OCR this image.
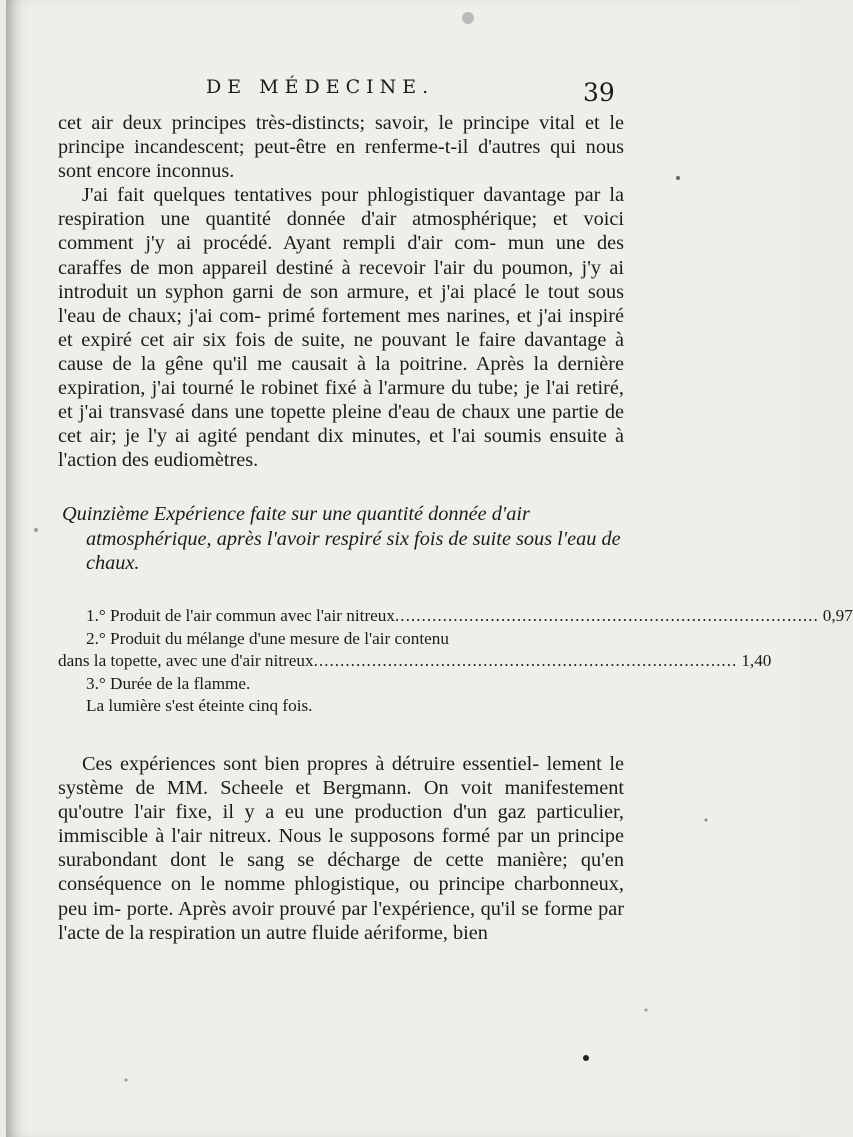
DE MÉDECINE.	39

cet air deux principes très-distincts; savoir, le principe vital et le principe incandescent; peut-être en renferme-t-il d'autres qui nous sont encore inconnus.

J'ai fait quelques tentatives pour phlogistiquer davantage par la respiration une quantité donnée d'air atmosphérique; et voici comment j'y ai procédé. Ayant rempli d'air com- mun une des caraffes de mon appareil destiné à recevoir l'air du poumon, j'y ai introduit un syphon garni de son armure, et j'ai placé le tout sous l'eau de chaux; j'ai com- primé fortement mes narines, et j'ai inspiré et expiré cet air six fois de suite, ne pouvant le faire davantage à cause de la gêne qu'il me causait à la poitrine. Après la dernière expiration, j'ai tourné le robinet fixé à l'armure du tube; je l'ai retiré, et j'ai transvasé dans une topette pleine d'eau de chaux une partie de cet air; je l'y ai agité pendant dix minutes, et l'ai soumis ensuite à l'action des eudiomètres.

Quinzième Expérience faite sur une quantité donnée d'air atmosphérique, après l'avoir respiré six fois de suite sous l'eau de chaux.

1.° Produit de l'air commun avec l'air nitreux .....	0,97
2.° Produit du mélange d'une mesure de l'air contenu
dans la topette, avec une d'air nitreux .....	1,40
3.° Durée de la flamme.
La lumière s'est éteinte cinq fois.

Ces expériences sont bien propres à détruire essentiel- lement le système de MM. Scheele et Bergmann. On voit manifestement qu'outre l'air fixe, il y a eu une production d'un gaz particulier, immiscible à l'air nitreux. Nous le supposons formé par un principe surabondant dont le sang se décharge de cette manière; qu'en conséquence on le nomme phlogistique, ou principe charbonneux, peu im- porte. Après avoir prouvé par l'expérience, qu'il se forme par l'acte de la respiration un autre fluide aériforme, bien
